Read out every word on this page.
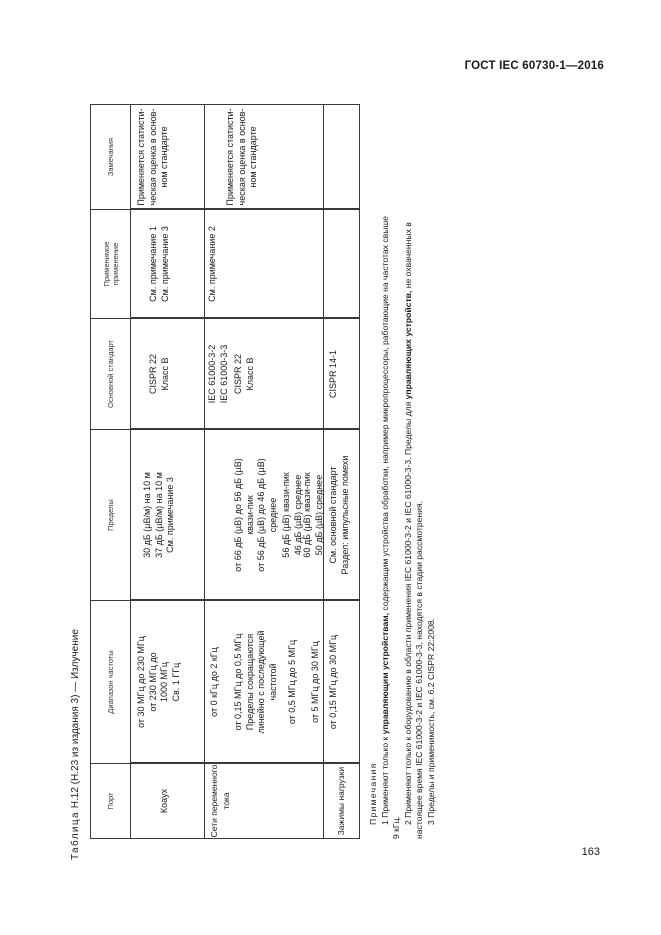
ГОСТ IEC 60730-1—2016
Таблица Н.12 (Н.23 из издания 3) — Излучение	Порт
Диапазон частоты
Пределы
Основной стандарт
Применимое применение
Замечания
Коаух
от 30 МГц до 230 МГц от 230 МГц до 1000 МГц Св. 1 ГГц
30 дБ (µВ/м) на 10 м 37 дБ (µВ/м) на 10 м См. примечание 3
CISPR 22 Класс В
См. примечание 1 См. примечание 3
Применяется статисти- ческая оценка в основ- ном стандарте
Сети переменного тока
от 0 кГц до 2 кГц от 0,15 МГц до 0,5 МГц Пределы сокращаются линейно с последующей частотой от 0,5 МГц до 5 МГц от 5 МГц до 30 МГц
от 66 дБ (µВ) до 56 дБ (µВ) квази-пик от 56 дБ (µВ) до 46 дБ (µВ) среднее 56 дБ (µВ) квази-пик 46 дБ (µВ) среднее 60 дБ (µВ) квази-пик 50 дБ (µВ) среднее
IEC 61000-3-2 IEC 61000-3-3 CISPR 22 Класс В
См. примечание 2
Применяется статисти- ческая оценка в основ- ном стандарте
Зажимы нагрузки
от 0,15 МГц до 30 МГц
См. основной стандарт Раздел: импульсные помехи
CISPR 14-1

Примечания 1 Применяют только к управляющим устройствам, содержащим устройства обработки, например микропроцессоры, работающие на частотах свыше

9 кГц.

2 Применяют только к оборудованию в области применения IEC 61000-3-2 и IEC 61000-3-3. Пределы для управляющих устройств, не охваченных в

настоящее время IEC 61000-3-2 и IEC 61000-3-3, находятся в стадии рассмотрения. 3 Пределы и применимость, см. 6.2 CISPR 22:2008.

163
